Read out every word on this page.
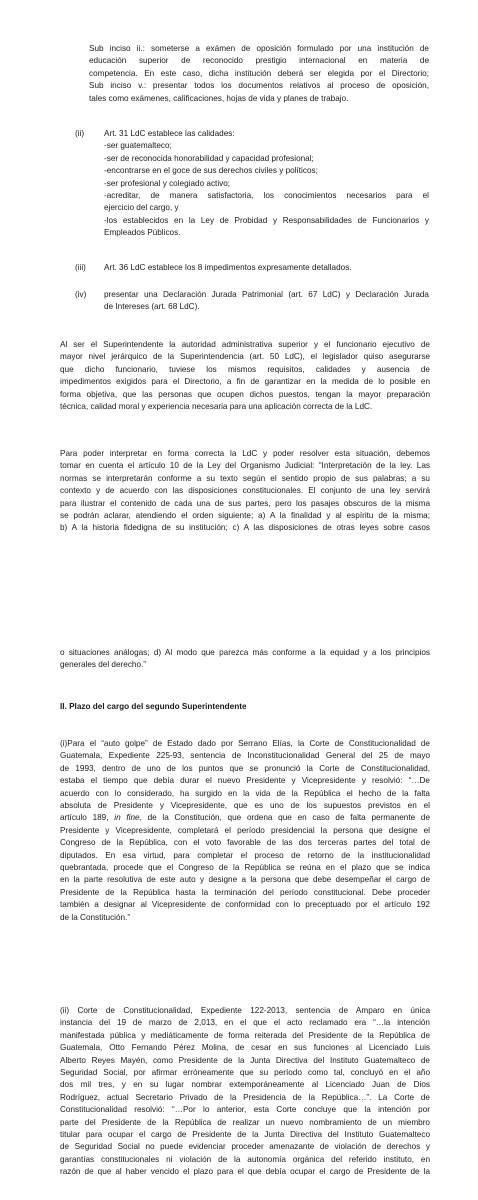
Sub inciso ii.: someterse a exámen de oposición formulado por una institución de
educación superior de reconocido prestigio internacional en materia de
competencia. En este caso, dicha institución deberá ser elegida por el Directorio;
Sub inciso v.: presentar todos los documentos relativos al proceso de oposición,
tales como exámenes, calificaciones, hojas de vida y planes de trabajo.
(ii) Art. 31 LdC establece las calidades:
-ser guatemalteco;
-ser de reconocida honorabilidad y capacidad profesional;
-encontrarse en el goce de sus derechos civiles y políticos;
-ser profesional y colegiado activo;
-acreditar, de manera satisfactoria, los conocimientos necesarios para el
ejercicio del cargo, y
-los establecidos en la Ley de Probidad y Responsabilidades de Funcionarios y
Empleados Públicos.
(iii) Art. 36 LdC establece los 8 impedimentos expresamente detallados.
(iv) presentar una Declaración Jurada Patrimonial (art. 67 LdC) y Declaración Jurada
de Intereses (art. 68 LdC).
Al ser el Superintendente la autoridad administrativa superior y el funcionario ejecutivo de
mayor nivel jerárquico de la Superintendencia (art. 50 LdC), el legislador quiso asegurarse
que dicho funcionario, tuviese los mismos requisitos, calidades y ausencia de
impedimentos exigidos para el Directorio, a fin de garantizar en la medida de lo posible en
forma objetiva, que las personas que ocupen dichos puestos, tengan la mayor preparación
técnica, calidad moral y experiencia necesaria para una aplicación correcta de la LdC.
Para poder interpretar en forma correcta la LdC y poder resolver esta situación, debemos
tomar en cuenta el artículo 10 de la Ley del Organismo Judicial: “Interpretación de la ley. Las
normas se interpretarán conforme a su texto según el sentido propio de sus palabras; a su
contexto y de acuerdo con las disposiciones constitucionales. El conjunto de una ley servirá
para ilustrar el contenido de cada una de sus partes, pero los pasajes obscuros de la misma
se podrán aclarar, atendiendo el orden siguiente; a) A la finalidad y al espíritu de la misma;
b) A la historia fidedigna de su institución; c) A las disposiciones de otras leyes sobre casos
o situaciones análogas; d) Al modo que parezca más conforme a la equidad y a los principios
generales del derecho.”
II. Plazo del cargo del segundo Superintendente
(i)Para el “auto golpe” de Estado dado por Serrano Elías, la Corte de Constitucionalidad de
Guatemala, Expediente 225-93, sentencia de Inconstitucionalidad General del 25 de mayo
de 1993, dentro de uno de los puntos que se pronunció la Corte de Constitucionalidad,
estaba el tiempo que debía durar el nuevo Presidente y Vicepresidente y resolvió: “…De
acuerdo con lo considerado, ha surgido en la vida de la República el hecho de la falta
absoluta de Presidente y Vicepresidente, que es uno de los supuestos previstos en el
artículo 189, in fine, de la Constitución, que ordena que en caso de falta permanente de
Presidente y Vicepresidente, completará el período presidencial la persona que designe el
Congreso de la República, con el voto favorable de las dos terceras partes del total de
diputados. En esa virtud, para completar el proceso de retorno de la institucionalidad
quebrantada, procede que el Congreso de la República se reúna en el plazo que se indica
en la parte resolutiva de este auto y designe a la persona que debe desempeñar el cargo de
Presidente de la República hasta la terminación del período constitucional. Debe proceder
también a designar al Vicepresidente de conformidad con lo preceptuado por el artículo 192
de la Constitución.”
(ii) Corte de Constitucionalidad, Expediente 122-2013, sentencia de Amparo en única
instancia del 19 de marzo de 2,013, en el que el acto reclamado era “…la intención
manifestada pública y mediáticamente de forma reiterada del Presidente de la República de
Guatemala, Otto Fernando Pérez Molina, de cesar en sus funciones al Licenciado Luis
Alberto Reyes Mayén, como Presidente de la Junta Directiva del Instituto Guatemalteco de
Seguridad Social, por afirmar erróneamente que su período como tal, concluyó en el año
dos mil tres, y en su lugar nombrar extemporáneamente al Licenciado Juan de Dios
Rodríguez, actual Secretario Privado de la Presidencia de la República…”. La Corte de
Constitucionalidad resolvió: “…Por lo anterior, esta Corte concluye que la intención por
parte del Presidente de la República de realizar un nuevo nombramiento de un miembro
titular para ocupar el cargo de Presidente de la Junta Directiva del Instituto Guatemalteco
de Seguridad Social no puede evidenciar proceder amenazante de violación de derechos y
garantías constitucionales ni violación de la autonomía orgánica del referido instituto, en
razón de que al haber vencido el plazo para el que debía ocupar el cargo de Presidente de la
